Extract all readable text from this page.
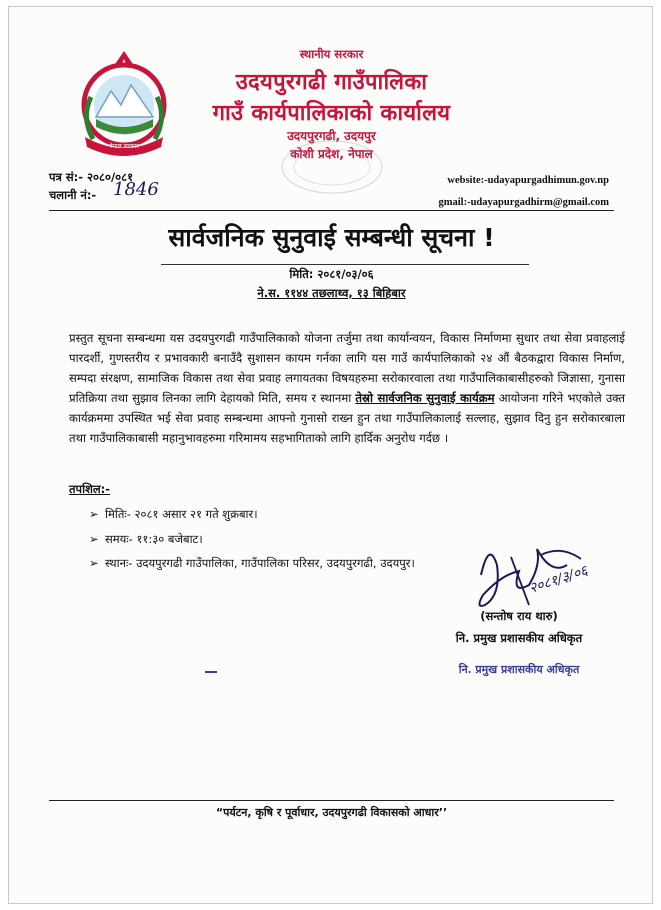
नेपाल सरकार
स्थानीय सरकार
उदयपुरगढी गाउँपालिका
गाउँ कार्यपालिकाको कार्यालय
उदयपुरगढी, उदयपुर
कोशी प्रदेश, नेपाल
पत्र सं:- २०८०/०८१
चलानी नं:- 1846	website:-udayapurgadhimun.gov.np
gmail:-udayapurgadhirm@gmail.com
सार्वजनिक सुनुवाई सम्बन्धी सूचना !
मिति: २०८१/०३/०६
ने.स. ११४४ तछलाथ्व, १३ बिहिबार
प्रस्तुत सूचना सम्बन्धमा यस उदयपुरगढी गाउँपालिकाको योजना तर्जुमा तथा कार्यान्वयन, विकास निर्माणमा सुधार तथा सेवा प्रवाहलाई पारदर्शी, गुणस्तरीय र प्रभावकारी बनाउँदै सुशासन कायम गर्नका लागि यस गाउँ कार्यपालिकाको २४ औं बैठकद्वारा विकास निर्माण, सम्पदा संरक्षण, सामाजिक विकास तथा सेवा प्रवाह लगायतका विषयहरुमा सरोकारवाला तथा गाउँपालिकाबासीहरुको जिज्ञासा, गुनासा प्रतिक्रिया तथा सुझाव लिनका लागि देहायको मिति, समय र स्थानमा तेस्रो सार्वजनिक सुनुवाई कार्यक्रम आयोजना गरिने भएकोले उक्त कार्यक्रममा उपस्थित भई सेवा प्रवाह सम्बन्धमा आफ्नो गुनासो राख्न हुन तथा गाउँपालिकालाई सल्लाह, सुझाव दिनु हुन सरोकारबाला तथा गाउँपालिकाबासी महानुभावहरुमा गरिमामय सहभागिताको लागि हार्दिक अनुरोध गर्दछ ।
तपशिल:-
➢ मितिः- २०८१ असार २१ गते शुक्रबार।
➢ समयः- ११:३० बजेबाट।
➢ स्थानः- उदयपुरगढी गाउँपालिका, गाउँपालिका परिसर, उदयपुरगढी, उदयपुर।	२०८१/३/०६
(सन्तोष राय थारु)
नि. प्रमुख प्रशासकीय अधिकृत
नि. प्रमुख प्रशासकीय अधिकृत
“पर्यटन, कृषि र पूर्वाधार, उदयपुरगढी विकासको आधार’’
